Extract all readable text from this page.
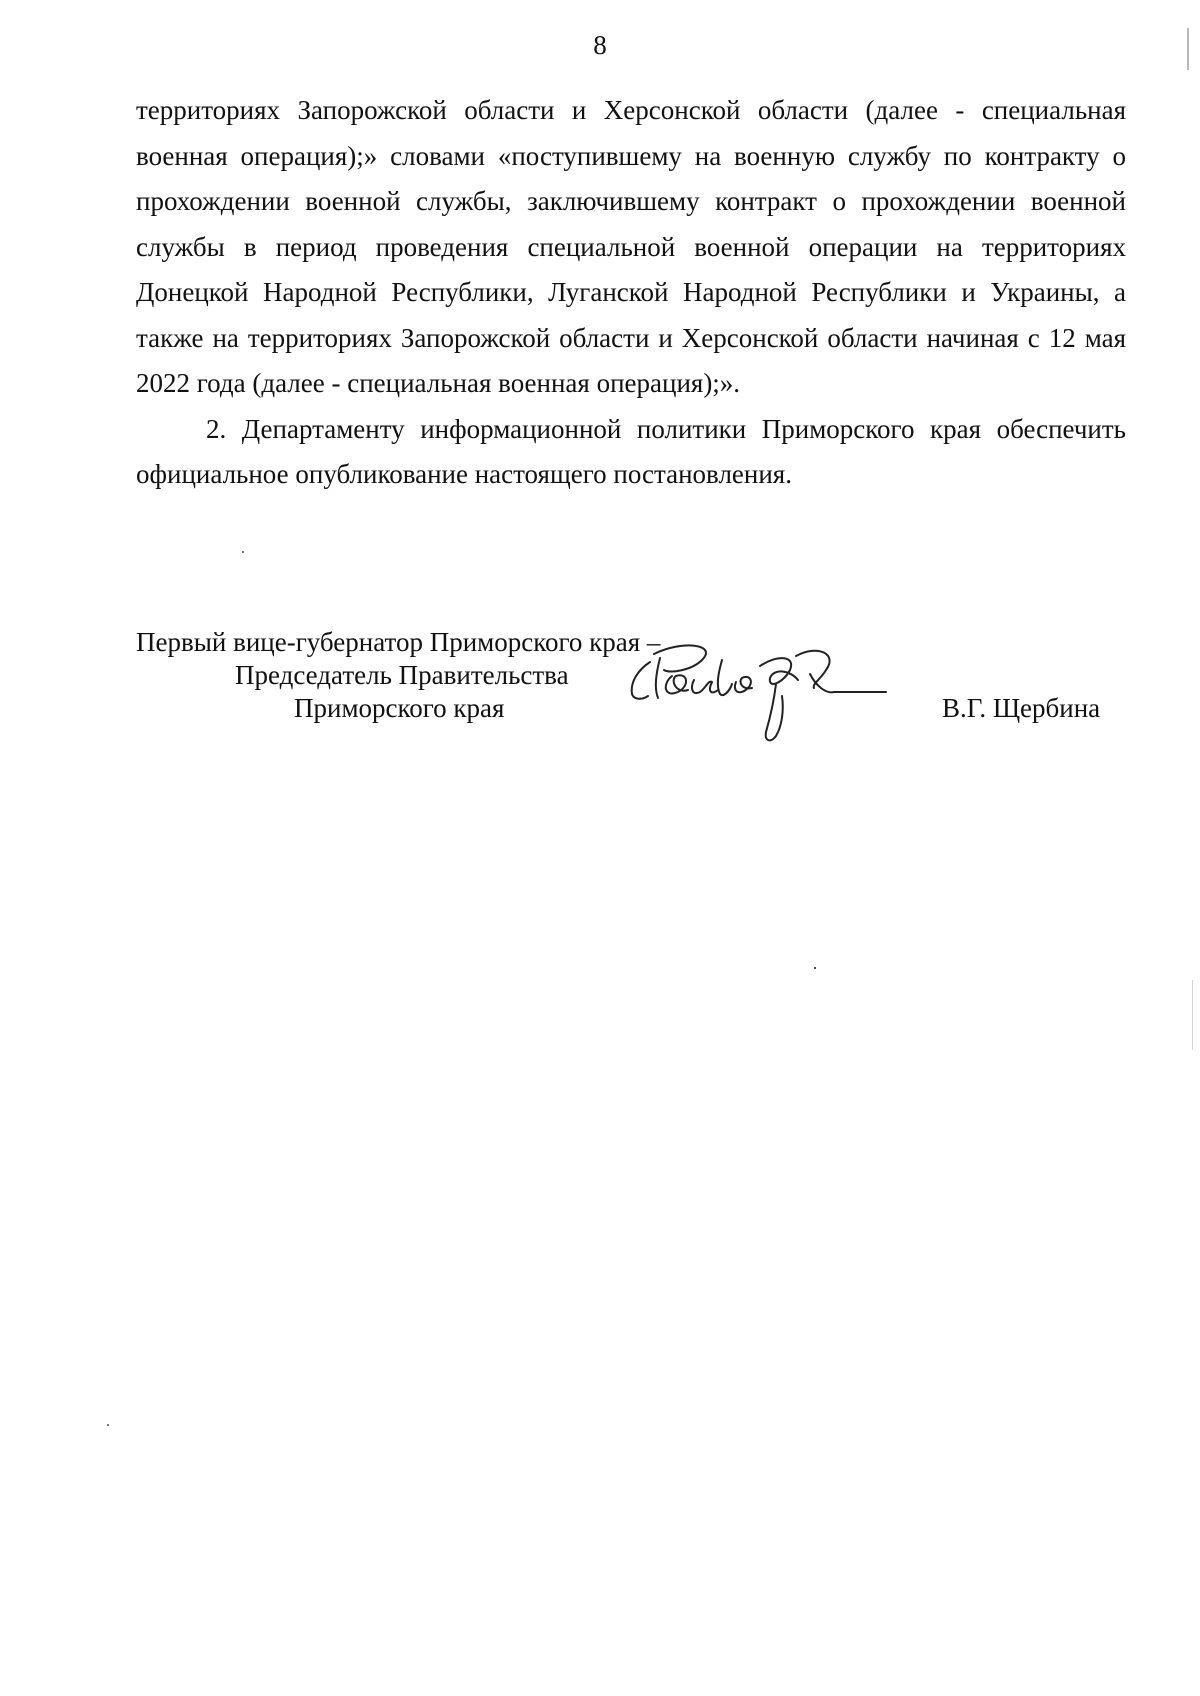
8

территориях Запорожской области и Херсонской области (далее - специальная военная операция);» словами «поступившему на военную службу по контракту о прохождении военной службы, заключившему контракт о прохождении военной службы в период проведения специальной военной операции на территориях Донецкой Народной Республики, Луганской Народной Республики и Украины, а также на территориях Запорожской области и Херсонской области начиная с 12 мая 2022 года (далее - специальная военная операция);».

2. Департаменту информационной политики Приморского края обеспечить официальное опубликование настоящего постановления.

Первый вице-губернатор Приморского края –
Председатель Правительства
Приморского края	В.Г. Щербина
